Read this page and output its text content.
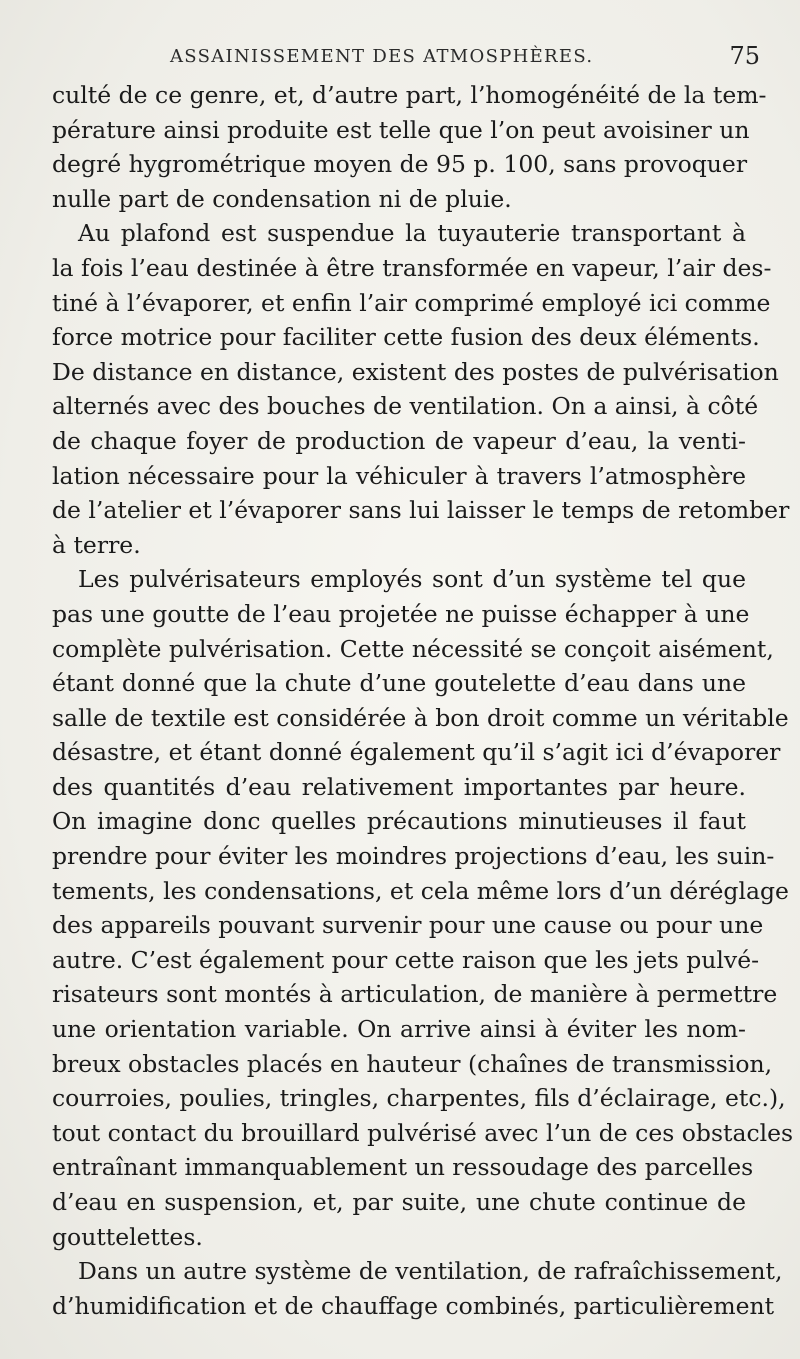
ASSAINISSEMENT DES ATMOSPHÈRES.	75
culté de ce genre, et, d’autre part, l’homogénéité de la tem-
pérature ainsi produite est telle que l’on peut avoisiner un
degré hygrométrique moyen de 95 p. 100, sans provoquer
nulle part de condensation ni de pluie.
Au plafond est suspendue la tuyauterie transportant à
la fois l’eau destinée à être transformée en vapeur, l’air des-
tiné à l’évaporer, et enfin l’air comprimé employé ici comme
force motrice pour faciliter cette fusion des deux éléments.
De distance en distance, existent des postes de pulvérisation
alternés avec des bouches de ventilation. On a ainsi, à côté
de chaque foyer de production de vapeur d’eau, la venti-
lation nécessaire pour la véhiculer à travers l’atmosphère
de l’atelier et l’évaporer sans lui laisser le temps de retomber
à terre.
Les pulvérisateurs employés sont d’un système tel que
pas une goutte de l’eau projetée ne puisse échapper à une
complète pulvérisation. Cette nécessité se conçoit aisément,
étant donné que la chute d’une goutelette d’eau dans une
salle de textile est considérée à bon droit comme un véritable
désastre, et étant donné également qu’il s’agit ici d’évaporer
des quantités d’eau relativement importantes par heure.
On imagine donc quelles précautions minutieuses il faut
prendre pour éviter les moindres projections d’eau, les suin-
tements, les condensations, et cela même lors d’un déréglage
des appareils pouvant survenir pour une cause ou pour une
autre. C’est également pour cette raison que les jets pulvé-
risateurs sont montés à articulation, de manière à permettre
une orientation variable. On arrive ainsi à éviter les nom-
breux obstacles placés en hauteur (chaînes de transmission,
courroies, poulies, tringles, charpentes, fils d’éclairage, etc.),
tout contact du brouillard pulvérisé avec l’un de ces obstacles
entraînant immanquablement un ressoudage des parcelles
d’eau en suspension, et, par suite, une chute continue de
gouttelettes.
Dans un autre système de ventilation, de rafraîchissement,
d’humidification et de chauffage combinés, particulièrement
